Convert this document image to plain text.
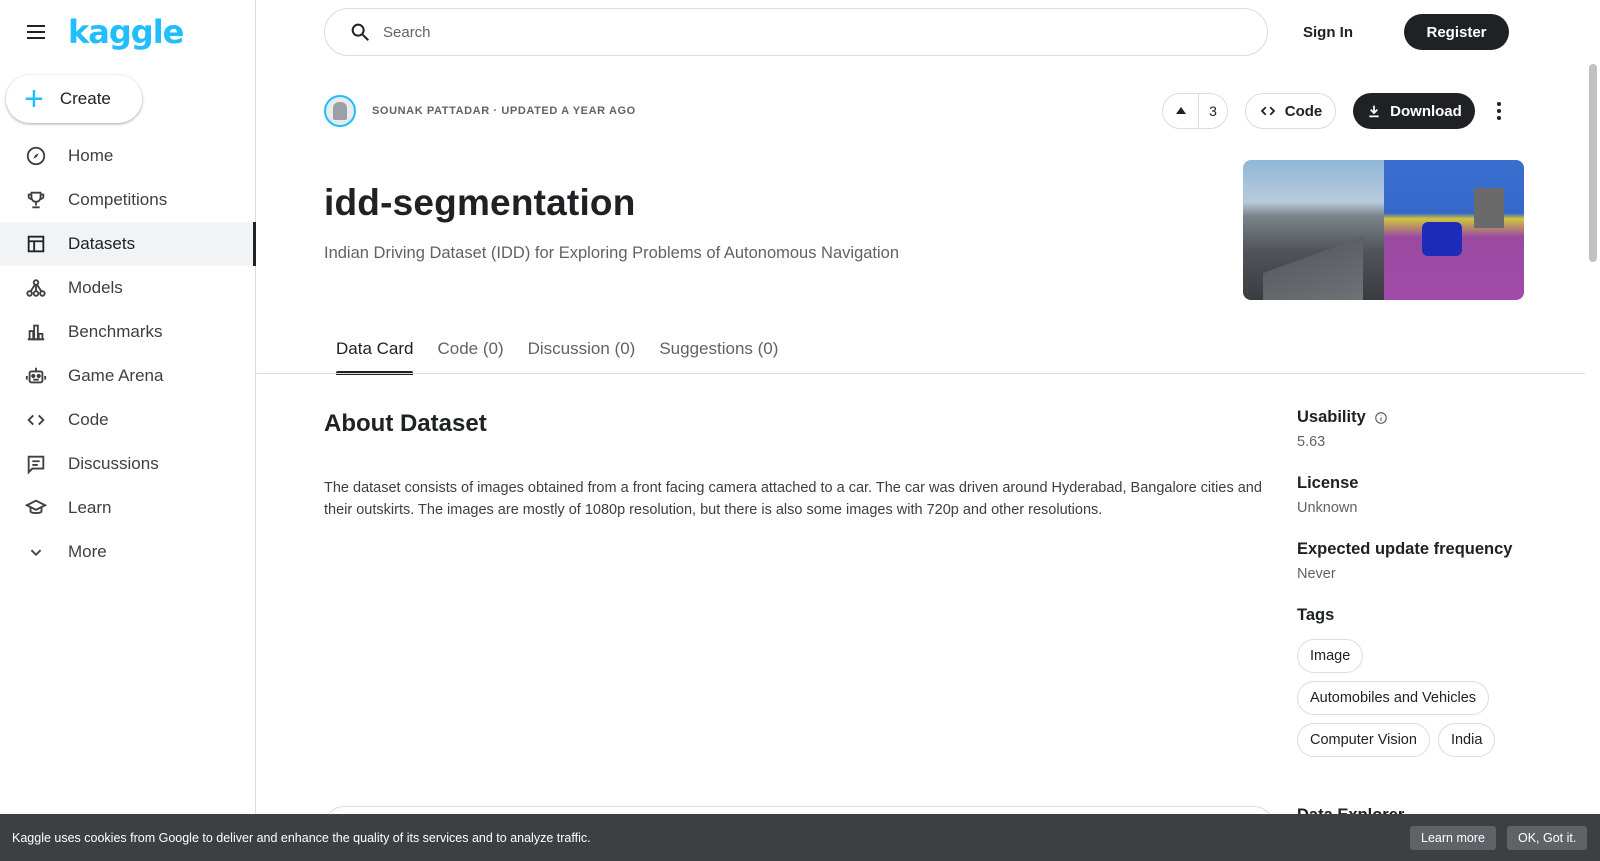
kaggle
+ Create
Home
Competitions
Datasets
Models
Benchmarks
Game Arena
Code
Discussions
Learn
More
Search	Sign In	Register
SOUNAK PATTADAR · UPDATED A YEAR AGO	3	Code	Download
idd-segmentation
Indian Driving Dataset (IDD) for Exploring Problems of Autonomous Navigation
Data Card	Code (0)	Discussion (0)	Suggestions (0)
About Dataset

The dataset consists of images obtained from a front facing camera attached to a car. The car was driven around Hyderabad, Bangalore cities and their outskirts. The images are mostly of 1080p resolution, but there is also some images with 720p and other resolutions.

Usability
5.63
License
Unknown
Expected update frequency
Never
Tags
Image
Automobiles and Vehicles
Computer Vision	India
Kaggle uses cookies from Google to deliver and enhance the quality of its services and to analyze traffic.	Learn more	OK, Got it.
